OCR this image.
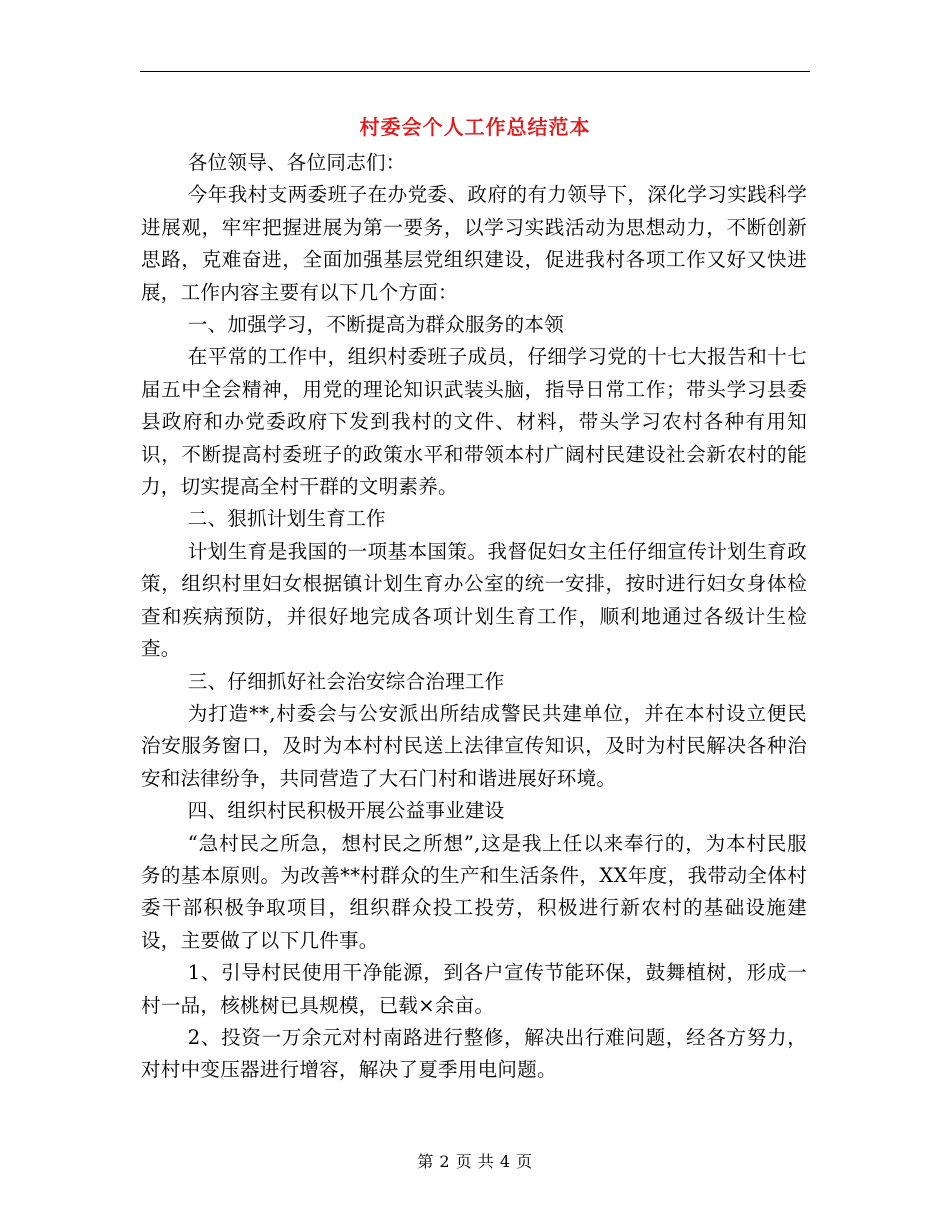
村委会个人工作总结范本

各位领导、各位同志们：

今年我村支两委班子在办党委、政府的有力领导下，深化学习实践科学进展观，牢牢把握进展为第一要务，以学习实践活动为思想动力，不断创新思路，克难奋进，全面加强基层党组织建设，促进我村各项工作又好又快进展，工作内容主要有以下几个方面：

一、加强学习，不断提高为群众服务的本领

在平常的工作中，组织村委班子成员，仔细学习党的十七大报告和十七届五中全会精神，用党的理论知识武装头脑，指导日常工作；带头学习县委县政府和办党委政府下发到我村的文件、材料，带头学习农村各种有用知识，不断提高村委班子的政策水平和带领本村广阔村民建设社会新农村的能力，切实提高全村干群的文明素养。

二、狠抓计划生育工作

计划生育是我国的一项基本国策。我督促妇女主任仔细宣传计划生育政策，组织村里妇女根据镇计划生育办公室的统一安排，按时进行妇女身体检查和疾病预防，并很好地完成各项计划生育工作，顺利地通过各级计生检查。

三、仔细抓好社会治安综合治理工作

为打造**,村委会与公安派出所结成警民共建单位，并在本村设立便民治安服务窗口，及时为本村村民送上法律宣传知识，及时为村民解决各种治安和法律纷争，共同营造了大石门村和谐进展好环境。

四、组织村民积极开展公益事业建设

“急村民之所急，想村民之所想”,这是我上任以来奉行的，为本村民服务的基本原则。为改善**村群众的生产和生活条件，XX年度，我带动全体村委干部积极争取项目，组织群众投工投劳，积极进行新农村的基础设施建设，主要做了以下几件事。

1、引导村民使用干净能源，到各户宣传节能环保，鼓舞植树，形成一村一品，核桃树已具规模，已载×余亩。

2、投资一万余元对村南路进行整修，解决出行难问题，经各方努力，对村中变压器进行增容，解决了夏季用电问题。

第 2 页 共 4 页
